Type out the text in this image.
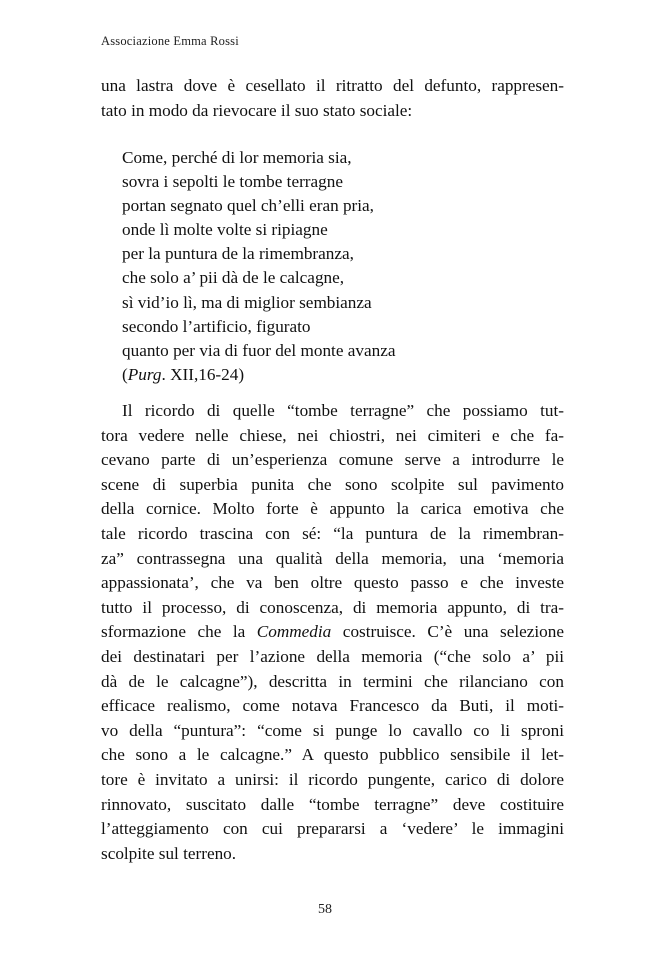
Associazione Emma Rossi
una lastra dove è cesellato il ritratto del defunto, rappresen-
tato in modo da rievocare il suo stato sociale:
Come, perché di lor memoria sia,
sovra i sepolti le tombe terragne
portan segnato quel ch’elli eran pria,
onde lì molte volte si ripiagne
per la puntura de la rimembranza,
che solo a’ pii dà de le calcagne,
sì vid’io lì, ma di miglior sembianza
secondo l’artificio, figurato
quanto per via di fuor del monte avanza
(Purg. XII,16-24)
Il ricordo di quelle “tombe terragne” che possiamo tut-
tora vedere nelle chiese, nei chiostri, nei cimiteri e che fa-
cevano parte di un’esperienza comune serve a introdurre le
scene di superbia punita che sono scolpite sul pavimento
della cornice. Molto forte è appunto la carica emotiva che
tale ricordo trascina con sé: “la puntura de la rimembran-
za” contrassegna una qualità della memoria, una ‘memoria
appassionata’, che va ben oltre questo passo e che investe
tutto il processo, di conoscenza, di memoria appunto, di tra-
sformazione che la Commedia costruisce. C’è una selezione
dei destinatari per l’azione della memoria (“che solo a’ pii
dà de le calcagne”), descritta in termini che rilanciano con
efficace realismo, come notava Francesco da Buti, il moti-
vo della “puntura”: “come si punge lo cavallo co li sproni
che sono a le calcagne.” A questo pubblico sensibile il let-
tore è invitato a unirsi: il ricordo pungente, carico di dolore
rinnovato, suscitato dalle “tombe terragne” deve costituire
l’atteggiamento con cui prepararsi a ‘vedere’ le immagini
scolpite sul terreno.
58
